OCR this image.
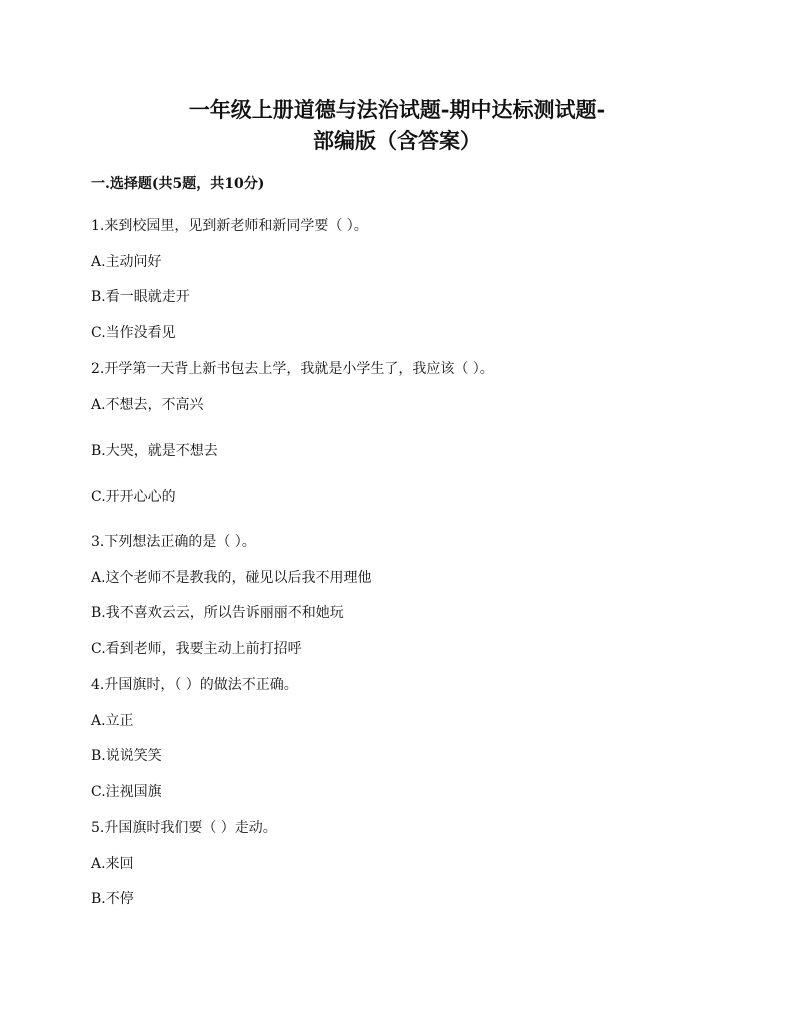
一年级上册道德与法治试题-期中达标测试题-
部编版（含答案）
一.选择题(共5题，共10分)
1.来到校园里，见到新老师和新同学要（ ）。
A.主动问好
B.看一眼就走开
C.当作没看见
2.开学第一天背上新书包去上学，我就是小学生了，我应该（ ）。
A.不想去，不高兴
B.大哭，就是不想去
C.开开心心的
3.下列想法正确的是（ ）。
A.这个老师不是教我的，碰见以后我不用理他
B.我不喜欢云云，所以告诉丽丽不和她玩
C.看到老师，我要主动上前打招呼
4.升国旗时，（ ）的做法不正确。
A.立正
B.说说笑笑
C.注视国旗
5.升国旗时我们要（ ）走动。
A.来回
B.不停
